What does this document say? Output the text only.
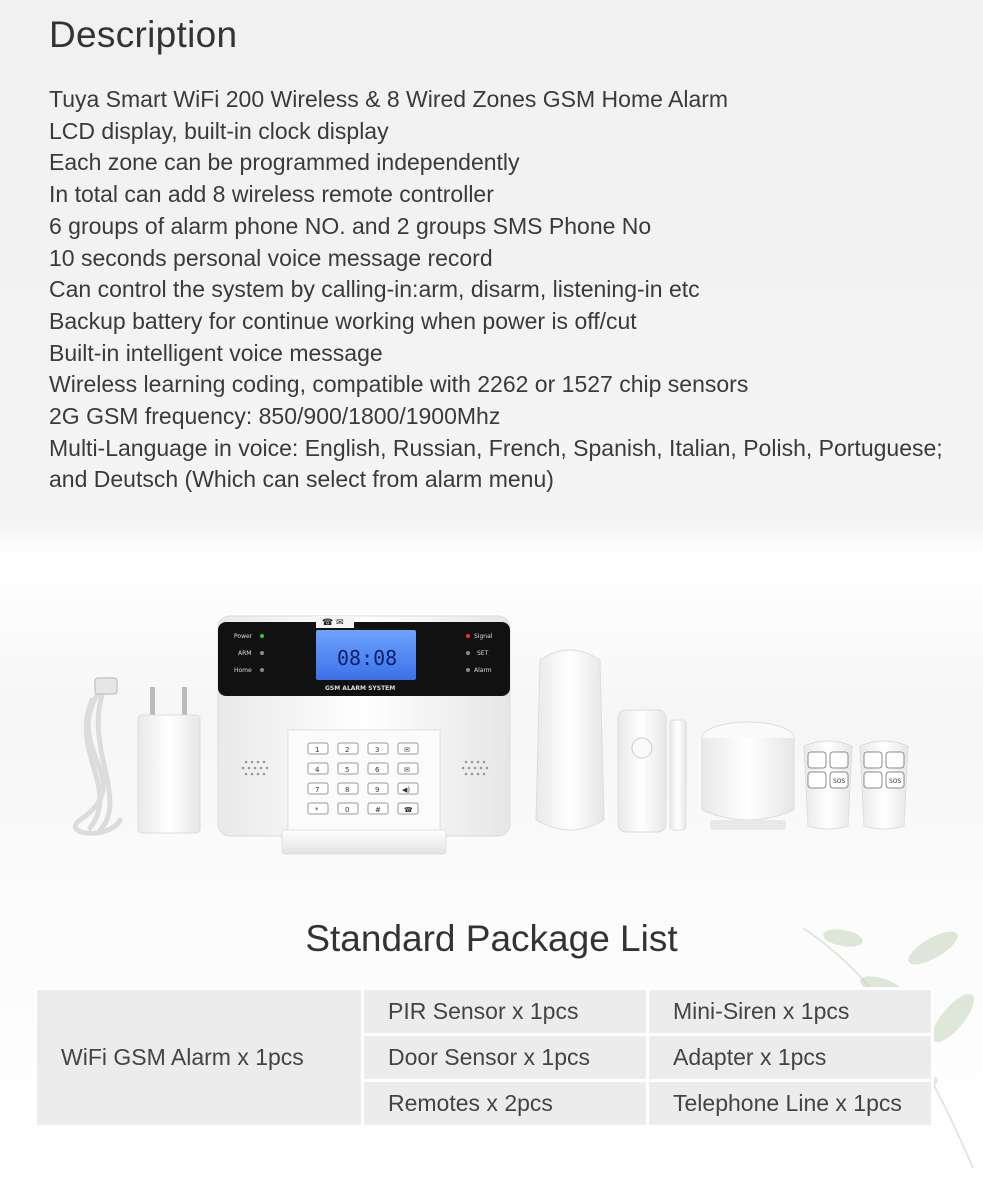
Description
Tuya Smart WiFi 200 Wireless & 8 Wired Zones GSM Home Alarm
LCD display, built-in clock display
Each zone can be programmed independently
In total can add 8 wireless remote controller
6 groups of alarm phone NO. and 2 groups SMS Phone No
10 seconds personal voice message record
Can control the system by calling-in:arm, disarm, listening-in etc
Backup battery for continue working when power is off/cut
Built-in intelligent voice message
Wireless learning coding, compatible with 2262 or 1527 chip sensors
2G GSM frequency: 850/900/1800/1900Mhz
Multi-Language in voice: English, Russian, French, Spanish, Italian, Polish, Portuguese;
and Deutsch (Which can select from alarm menu)
☎ ✉
Power
ARM
Home
Signal
SET
Alarm
08:08
GSM ALARM SYSTEM
1	2	3	✉
4	5	6	✉
7	8	9	◀)
*	0	#	☎
SOS	SOS
Standard Package List
WiFi GSM Alarm x 1pcs	PIR Sensor x 1pcs	Mini-Siren x 1pcs
	Door Sensor x 1pcs	Adapter x 1pcs
	Remotes x 2pcs	Telephone Line x 1pcs
